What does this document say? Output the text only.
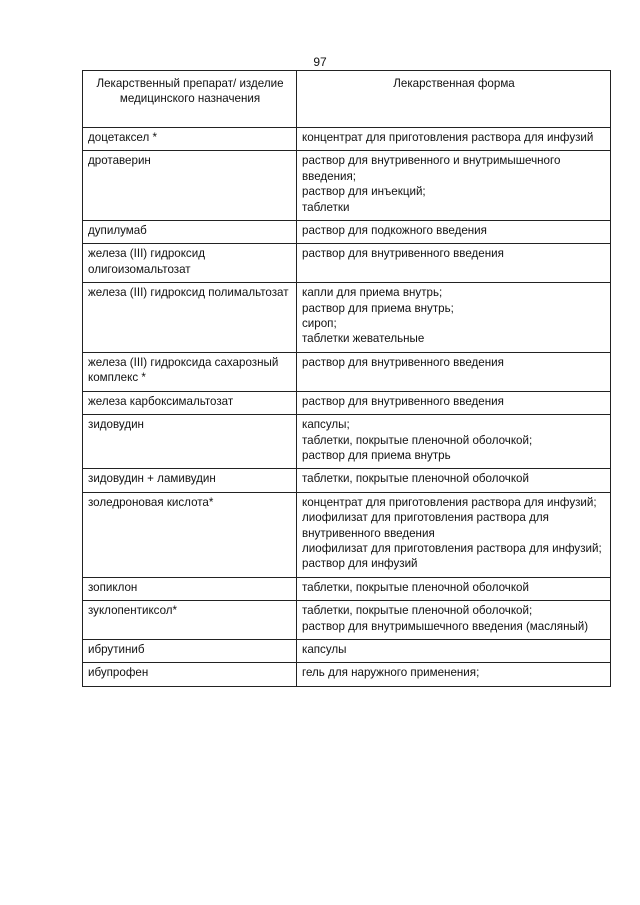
97
Лекарственный препарат/ изделие медицинского назначения	Лекарственная форма
доцетаксел *	концентрат для приготовления раствора для инфузий

дротаверин	раствор для внутривенного и внутримышечного введения;
раствор для инъекций;
таблетки

дупилумаб	раствор для подкожного введения

железа (III) гидроксид олигоизомальтозат	раствор для внутривенного введения

железа (III) гидроксид полимальтозат	капли для приема внутрь;
раствор для приема внутрь;
сироп;
таблетки жевательные

железа (III) гидроксида сахарозный комплекс *	раствор для внутривенного введения

железа карбоксимальтозат	раствор для внутривенного введения

зидовудин	капсулы;
таблетки, покрытые пленочной оболочкой;
раствор для приема внутрь

зидовудин + ламивудин	таблетки, покрытые пленочной оболочкой

золедроновая кислота*	концентрат для приготовления раствора для инфузий;
лиофилизат для приготовления раствора для внутривенного введения
лиофилизат для приготовления раствора для инфузий;
раствор для инфузий

зопиклон	таблетки, покрытые пленочной оболочкой

зуклопентиксол*	таблетки, покрытые пленочной оболочкой;
раствор для внутримышечного введения (масляный)

ибрутиниб	капсулы

ибупрофен	гель для наружного применения;
